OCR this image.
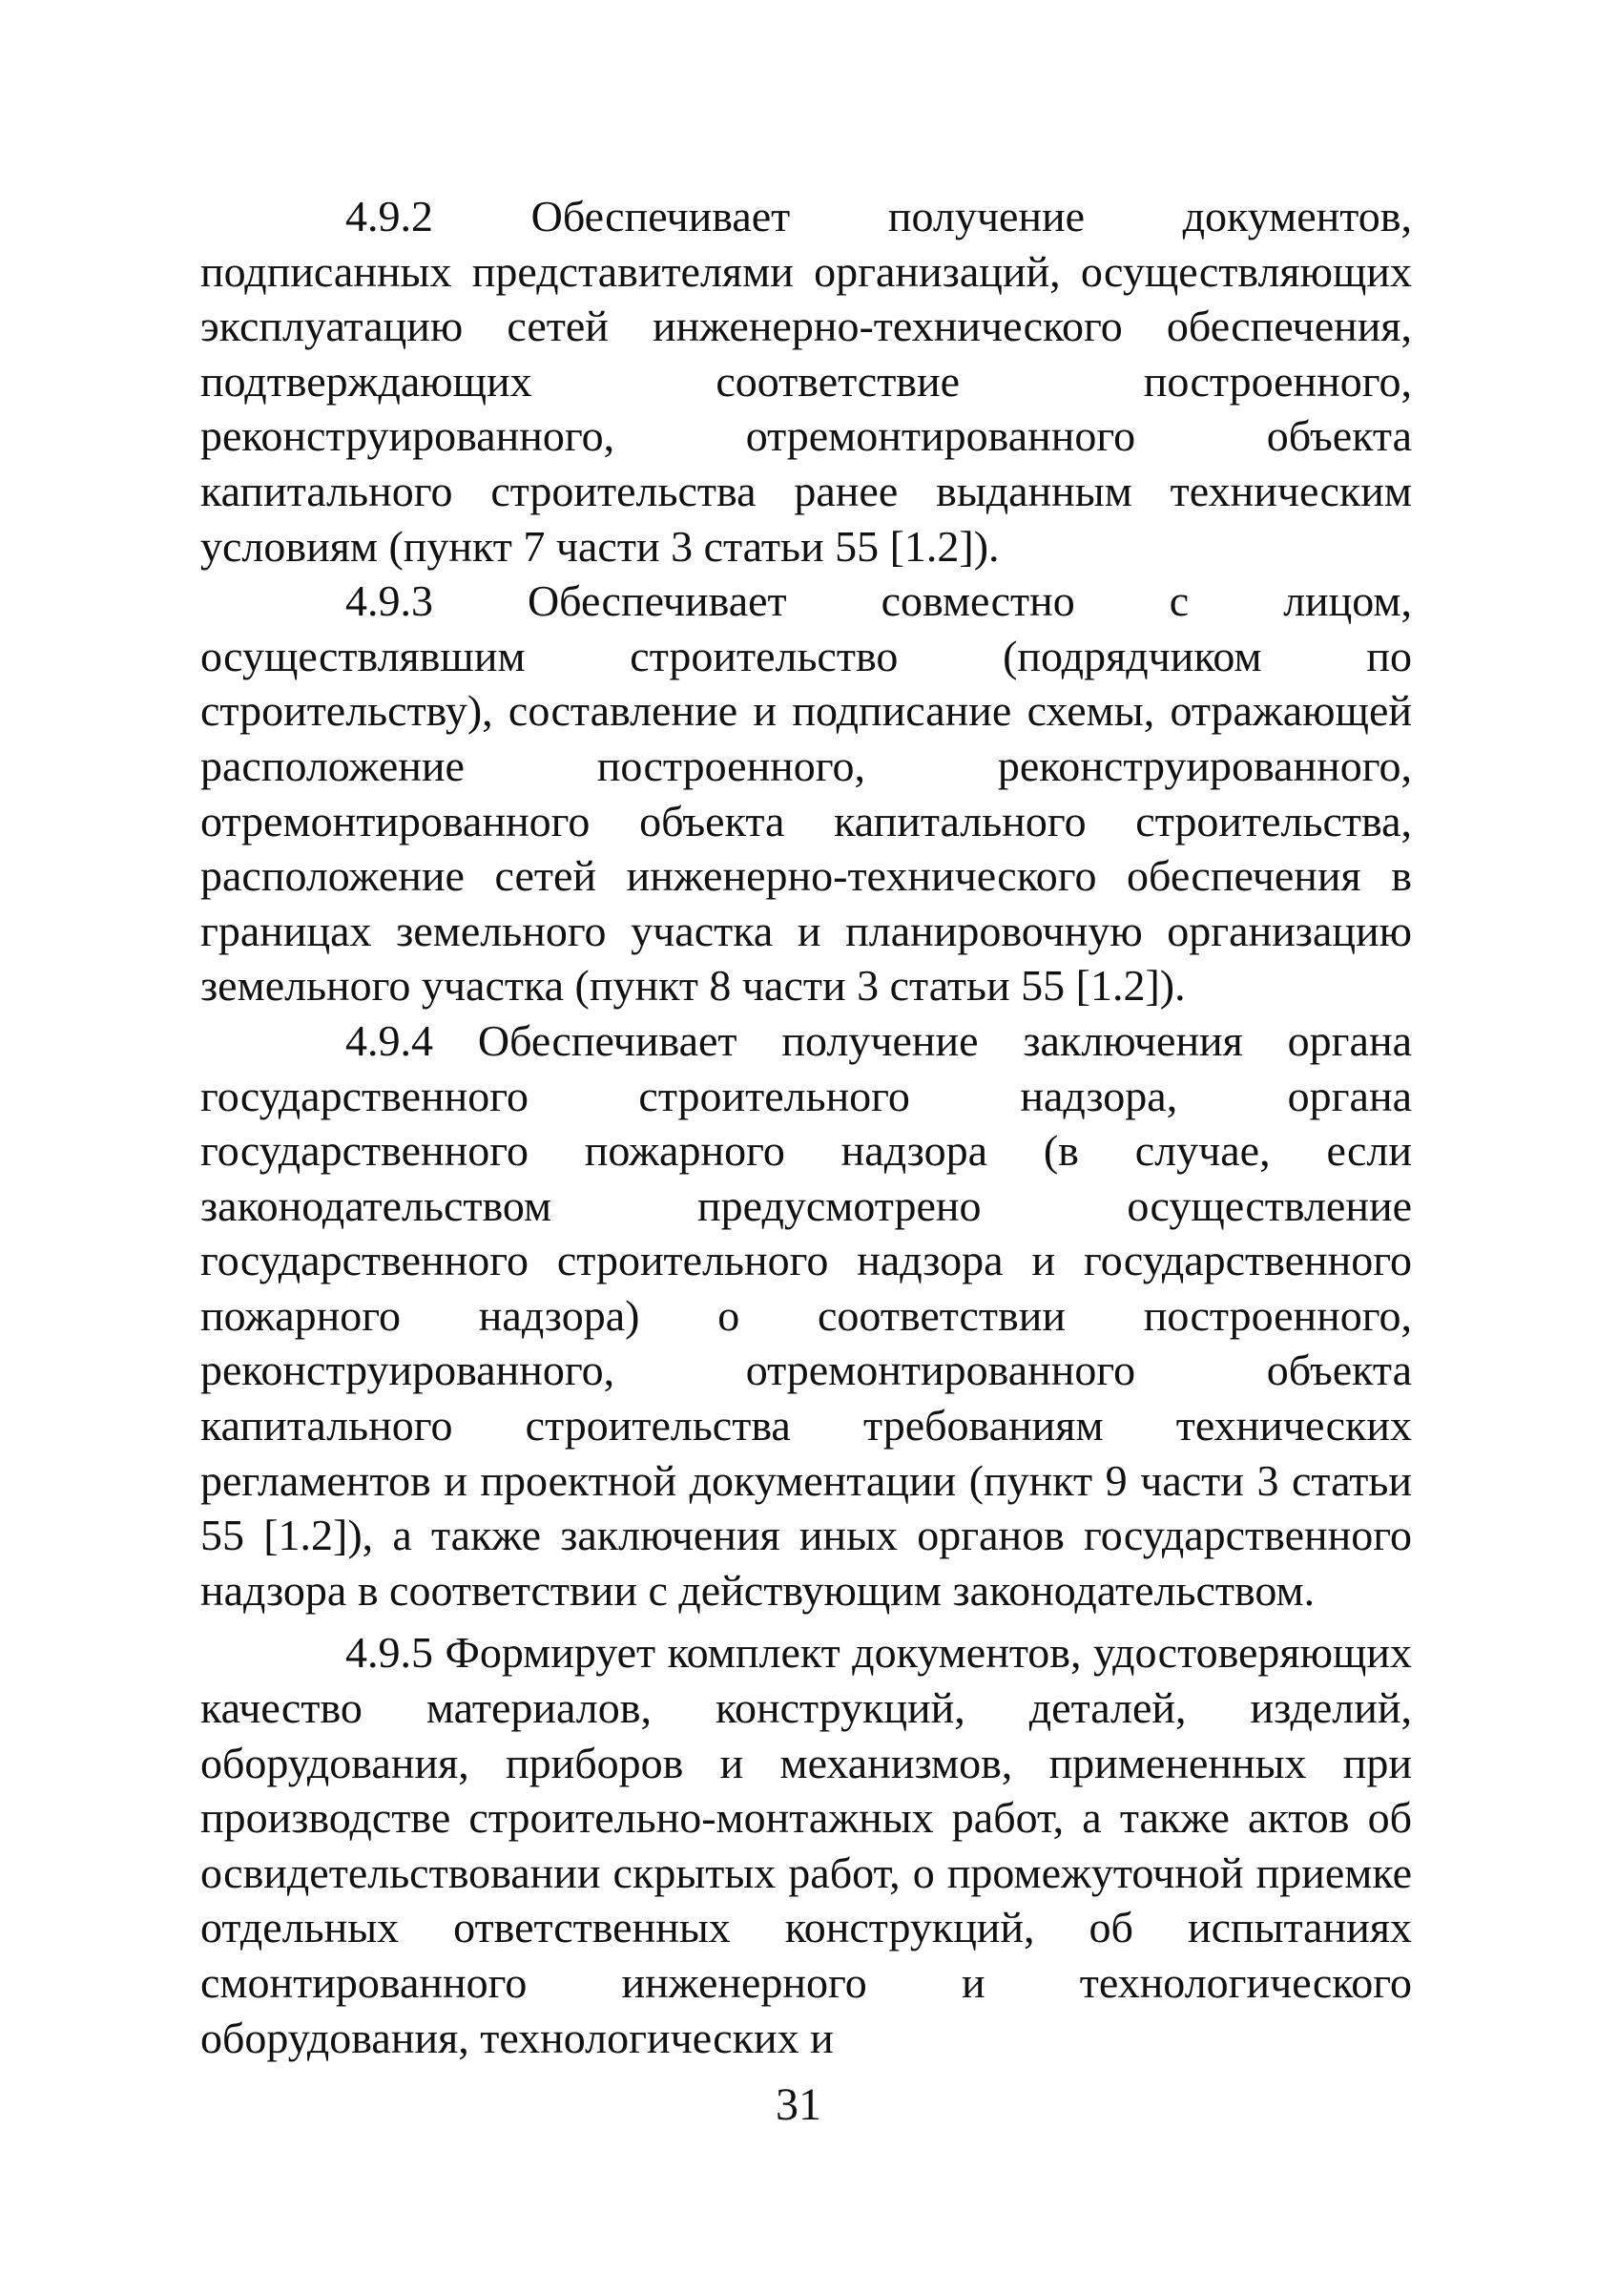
4.9.2 Обеспечивает получение документов, подписанных представителями организаций, осуществляющих эксплуатацию сетей инженерно-технического обеспечения, подтверждающих соответствие построенного, реконструированного, отремонтированного объекта капитального строительства ранее выданным техническим условиям (пункт 7 части 3 статьи 55 [1.2]).

4.9.3 Обеспечивает совместно с лицом, осуществлявшим строительство (подрядчиком по строительству), составление и подписание схемы, отражающей расположение построенного, реконструированного, отремонтированного объекта капитального строительства, расположение сетей инженерно-технического обеспечения в границах земельного участка и планировочную организацию земельного участка (пункт 8 части 3 статьи 55 [1.2]).

4.9.4 Обеспечивает получение заключения органа государственного строительного надзора, органа государственного пожарного надзора (в случае, если законодательством предусмотрено осуществление государственного строительного надзора и государственного пожарного надзора) о соответствии построенного, реконструированного, отремонтированного объекта капитального строительства требованиям технических регламентов и проектной документации (пункт 9 части 3 статьи 55 [1.2]), а также заключения иных органов государственного надзора в соответствии с действующим законодательством.

4.9.5 Формирует комплект документов, удостоверяющих качество материалов, конструкций, деталей, изделий, оборудования, приборов и механизмов, примененных при производстве строительно-монтажных работ, а также актов об освидетельствовании скрытых работ, о промежуточной приемке отдельных ответственных конструкций, об испытаниях смонтированного инженерного и технологического оборудования, технологических и

31
